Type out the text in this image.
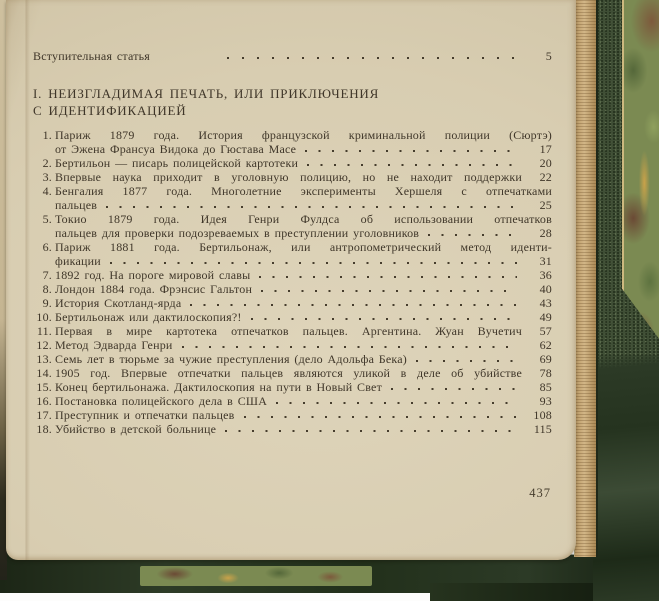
Вступительная статья	5
I. НЕИЗГЛАДИМАЯ ПЕЧАТЬ, ИЛИ ПРИКЛЮЧЕНИЯ
С ИДЕНТИФИКАЦИЕЙ
1. Париж 1879 года. История французской криминальной полиции (Сюртэ)
от Эжена Франсуа Видока до Гюстава Масе	17
2. Бертильон — писарь полицейской картотеки	20
3. Впервые наука приходит в уголовную полицию, но не находит поддержки	22
4. Бенгалия 1877 года. Многолетние эксперименты Хершеля с отпечатками
пальцев	25
5. Токио 1879 года. Идея Генри Фулдса об использовании отпечатков
пальцев для проверки подозреваемых в преступлении уголовников	28
6. Париж 1881 года. Бертильонаж, или антропометрический метод иденти-
фикации	31
7. 1892 год. На пороге мировой славы	36
8. Лондон 1884 года. Фрэнсис Гальтон	40
9. История Скотланд-ярда	43
10. Бертильонаж или дактилоскопия?!	49
11. Первая в мире картотека отпечатков пальцев. Аргентина. Жуан Вучетич	57
12. Метод Эдварда Генри	62
13. Семь лет в тюрьме за чужие преступления (дело Адольфа Бека)	69
14. 1905 год. Впервые отпечатки пальцев являются уликой в деле об убийстве	78
15. Конец бертильонажа. Дактилоскопия на пути в Новый Свет	85
16. Постановка полицейского дела в США	93
17. Преступник и отпечатки пальцев	108
18. Убийство в детской больнице	115
437
